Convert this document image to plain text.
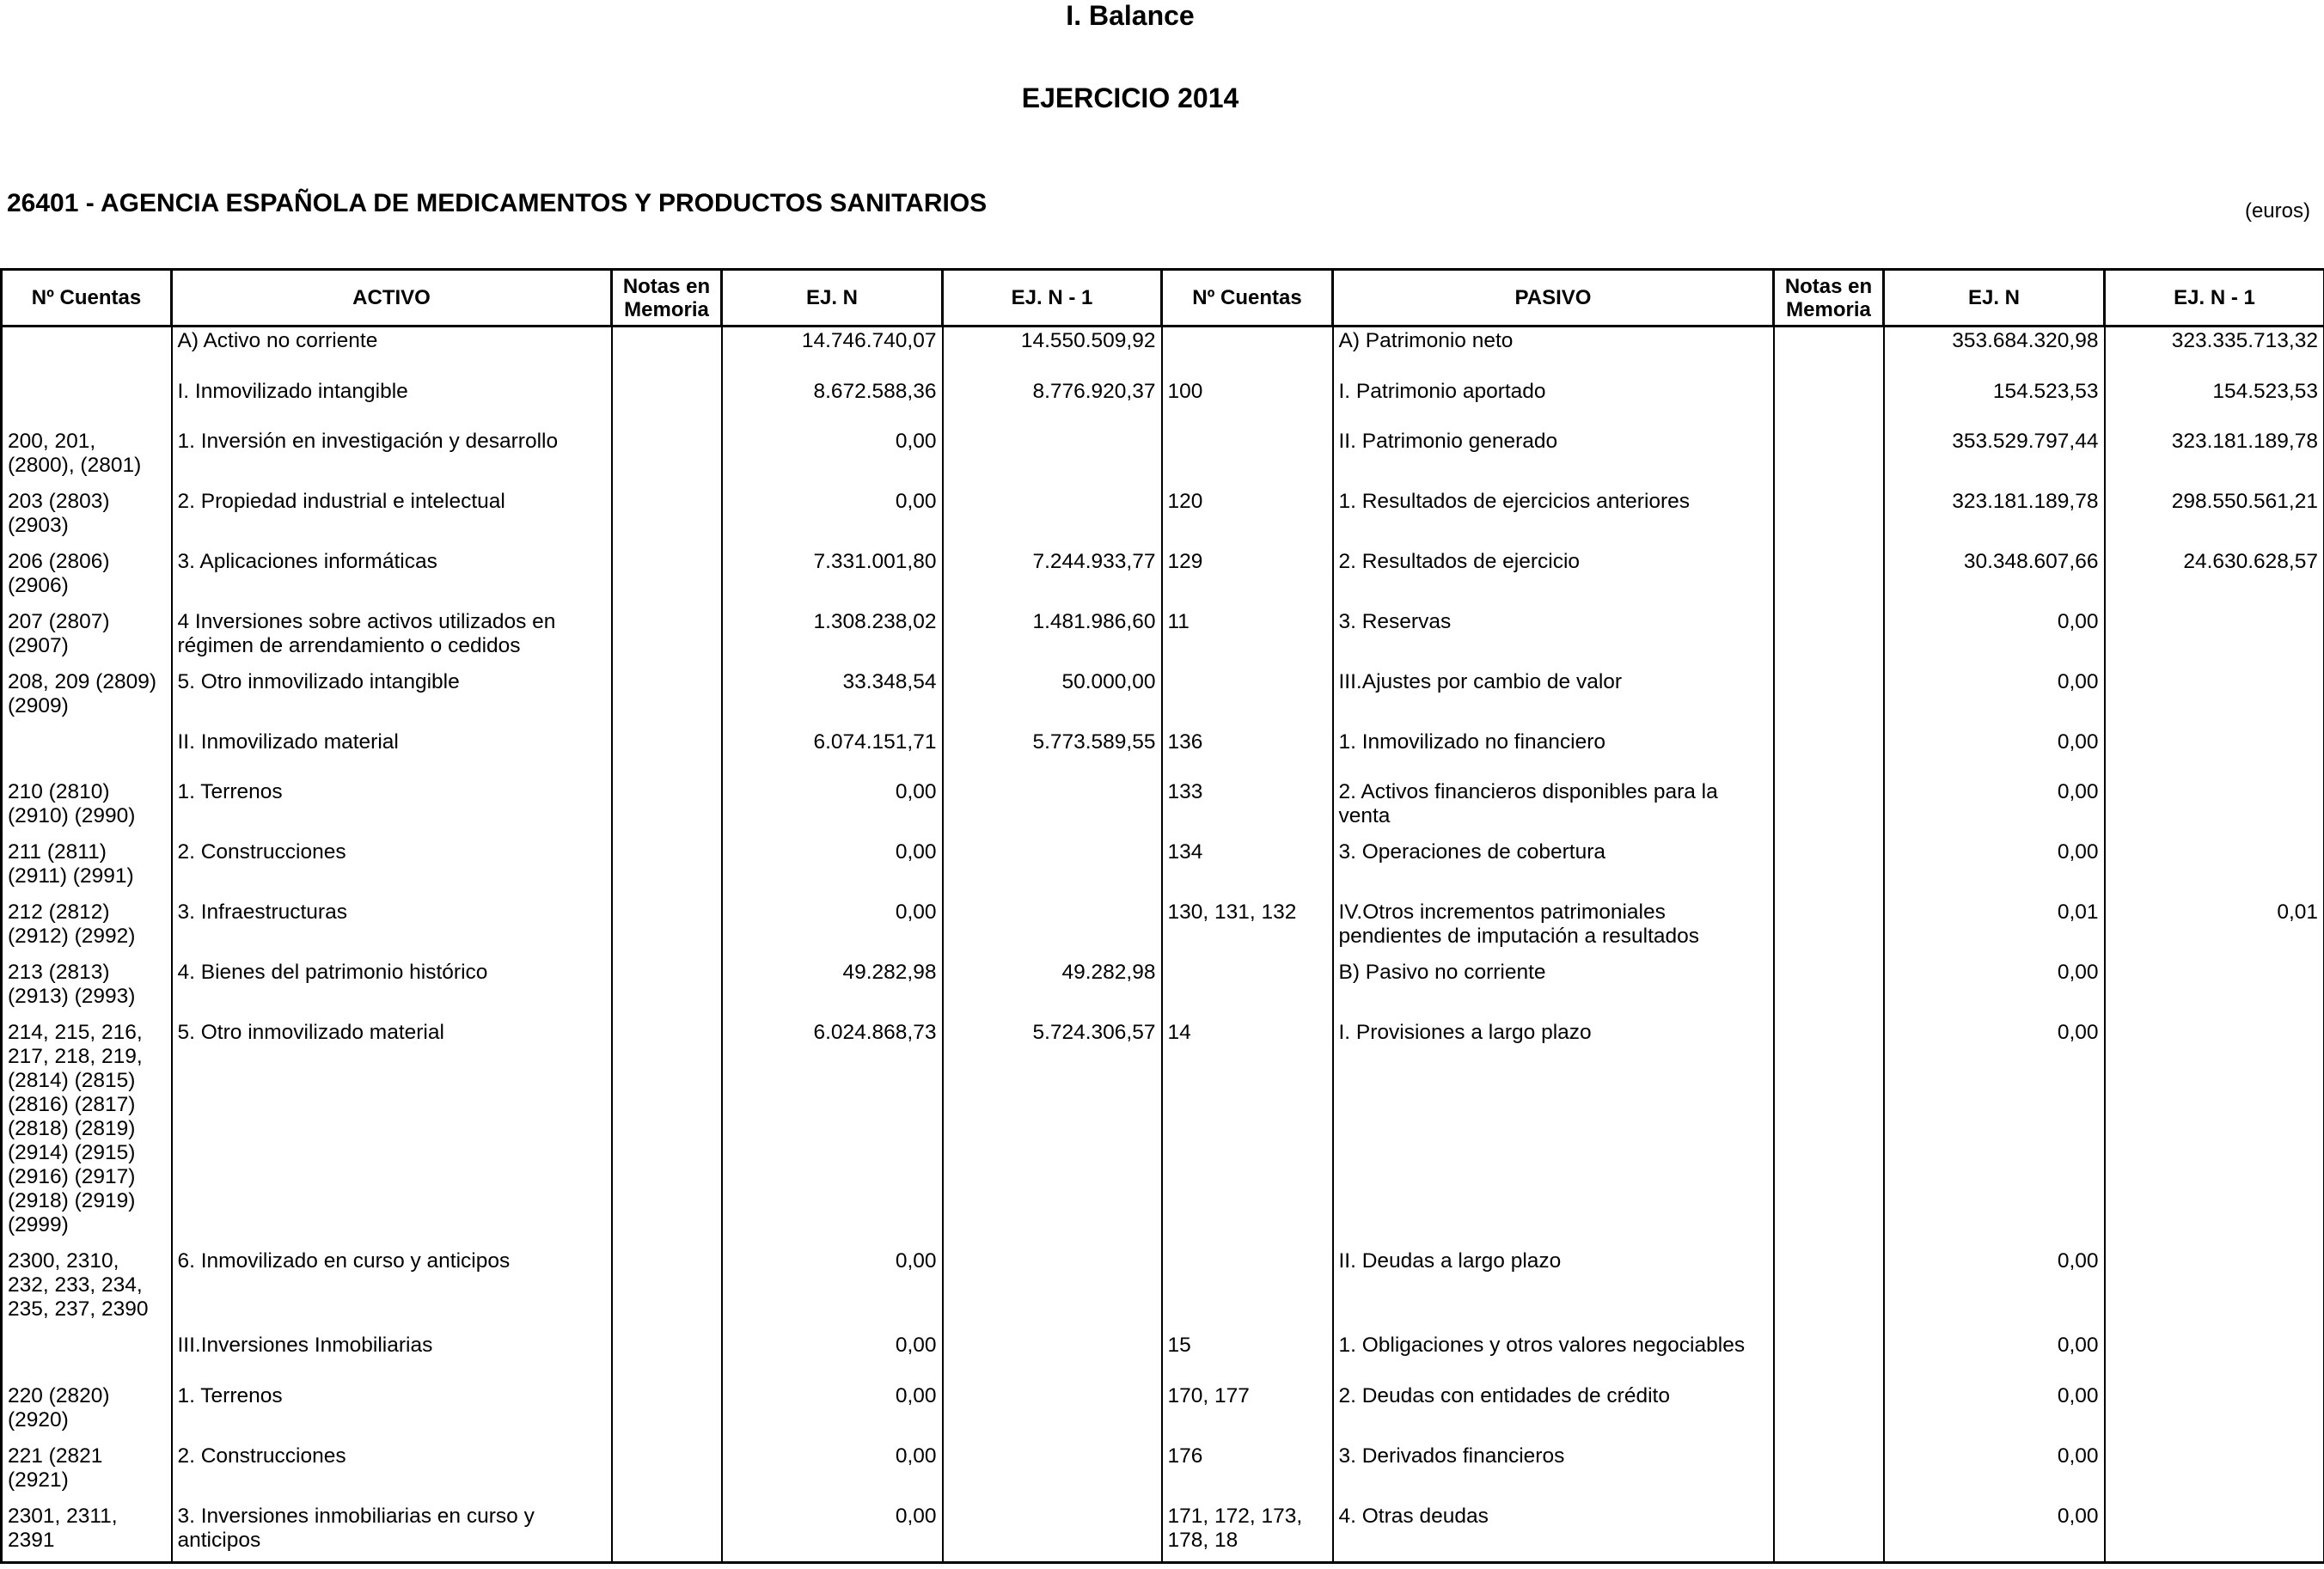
I. Balance
EJERCICIO 2014
26401 - AGENCIA ESPAÑOLA DE MEDICAMENTOS Y PRODUCTOS SANITARIOS	(euros)
Nº Cuentas	ACTIVO	Notas en Memoria	EJ. N	EJ. N - 1	Nº Cuentas	PASIVO	Notas en Memoria	EJ. N	EJ. N - 1
	A) Activo no corriente		14.746.740,07	14.550.509,92		A) Patrimonio neto		353.684.320,98	323.335.713,32
	I. Inmovilizado intangible		8.672.588,36	8.776.920,37	100	I. Patrimonio aportado		154.523,53	154.523,53
200, 201, (2800), (2801)	1. Inversión en investigación y desarrollo		0,00			II. Patrimonio generado		353.529.797,44	323.181.189,78
203 (2803) (2903)	2. Propiedad industrial e intelectual		0,00		120	1. Resultados de ejercicios anteriores		323.181.189,78	298.550.561,21
206 (2806) (2906)	3. Aplicaciones informáticas		7.331.001,80	7.244.933,77	129	2. Resultados de ejercicio		30.348.607,66	24.630.628,57
207 (2807) (2907)	4 Inversiones sobre activos utilizados en régimen de arrendamiento o cedidos		1.308.238,02	1.481.986,60	11	3. Reservas		0,00	
208, 209 (2809) (2909)	5. Otro inmovilizado intangible		33.348,54	50.000,00		III.Ajustes por cambio de valor		0,00	
	II. Inmovilizado material		6.074.151,71	5.773.589,55	136	1. Inmovilizado no financiero		0,00	
210 (2810) (2910) (2990)	1. Terrenos		0,00		133	2. Activos financieros disponibles para la venta		0,00	
211 (2811) (2911) (2991)	2. Construcciones		0,00		134	3. Operaciones de cobertura		0,00	
212 (2812) (2912) (2992)	3. Infraestructuras		0,00		130, 131, 132	IV.Otros incrementos patrimoniales pendientes de imputación a resultados		0,01	0,01
213 (2813) (2913) (2993)	4. Bienes del patrimonio histórico		49.282,98	49.282,98		B) Pasivo no corriente		0,00	
214, 215, 216, 217, 218, 219, (2814) (2815) (2816) (2817) (2818) (2819) (2914) (2915) (2916) (2917) (2918) (2919) (2999)	5. Otro inmovilizado material		6.024.868,73	5.724.306,57	14	I. Provisiones a largo plazo		0,00	
2300, 2310, 232, 233, 234, 235, 237, 2390	6. Inmovilizado en curso y anticipos		0,00			II. Deudas a largo plazo		0,00	
	III.Inversiones Inmobiliarias		0,00		15	1. Obligaciones y otros valores negociables		0,00	
220 (2820) (2920)	1. Terrenos		0,00		170, 177	2. Deudas con entidades de crédito		0,00	
221 (2821 (2921)	2. Construcciones		0,00		176	3. Derivados financieros		0,00	
2301, 2311, 2391	3. Inversiones inmobiliarias en curso y anticipos		0,00		171, 172, 173, 178, 18	4. Otras deudas		0,00	
